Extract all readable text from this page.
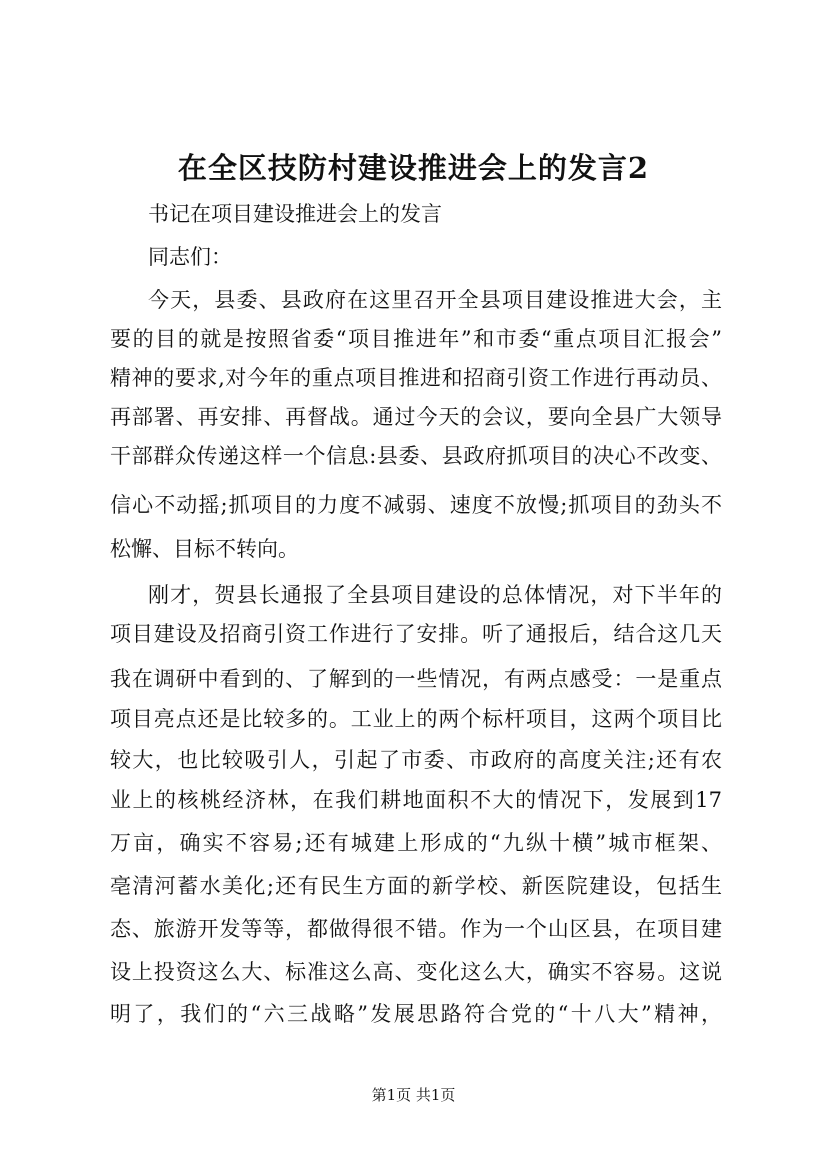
在全区技防村建设推进会上的发言2
书记在项目建设推进会上的发言
同志们：
今天，县委、县政府在这里召开全县项目建设推进大会，主
要的目的就是按照省委“项目推进年”和市委“重点项目汇报会”
精神的要求,对今年的重点项目推进和招商引资工作进行再动员、
再部署、再安排、再督战。通过今天的会议，要向全县广大领导
干部群众传递这样一个信息:县委、县政府抓项目的决心不改变、
信心不动摇;抓项目的力度不减弱、速度不放慢;抓项目的劲头不
松懈、目标不转向。
刚才，贺县长通报了全县项目建设的总体情况，对下半年的
项目建设及招商引资工作进行了安排。听了通报后，结合这几天
我在调研中看到的、了解到的一些情况，有两点感受：一是重点
项目亮点还是比较多的。工业上的两个标杆项目，这两个项目比
较大，也比较吸引人，引起了市委、市政府的高度关注;还有农
业上的核桃经济林，在我们耕地面积不大的情况下，发展到17
万亩，确实不容易;还有城建上形成的“九纵十横”城市框架、
亳清河蓄水美化;还有民生方面的新学校、新医院建设，包括生
态、旅游开发等等，都做得很不错。作为一个山区县，在项目建
设上投资这么大、标准这么高、变化这么大，确实不容易。这说
明了，我们的“六三战略”发展思路符合党的“十八大”精神，
第1页 共1页
